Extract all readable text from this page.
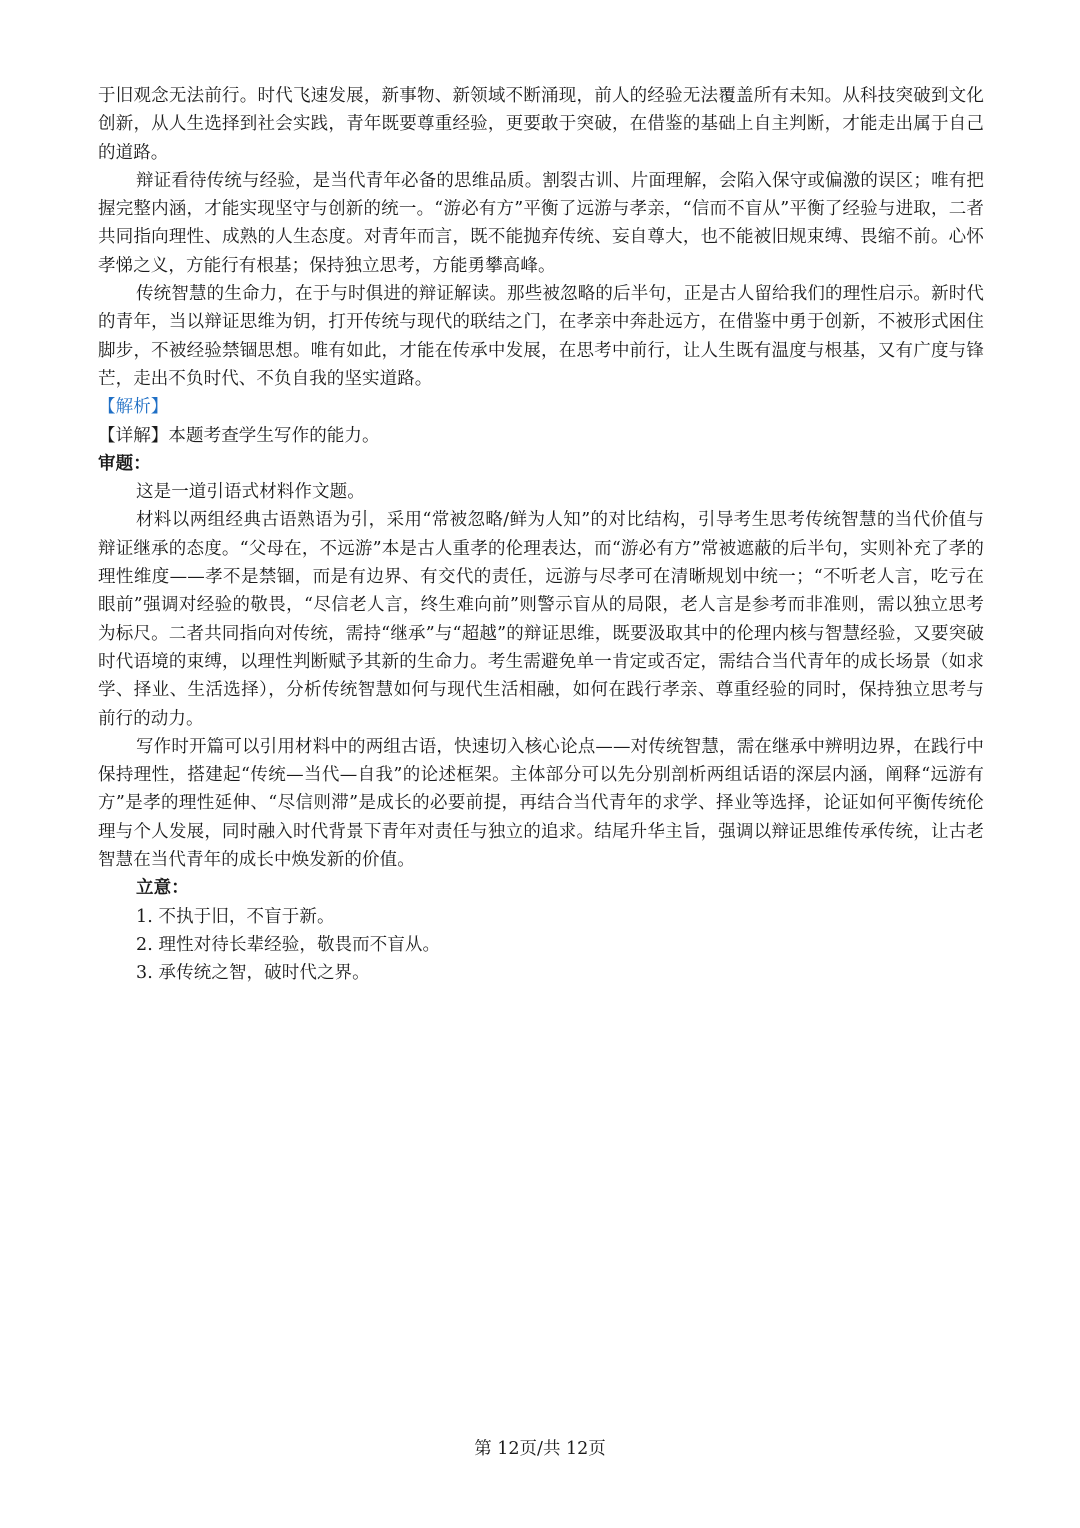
于旧观念无法前行。时代飞速发展，新事物、新领域不断涌现，前人的经验无法覆盖所有未知。从科技突破到文化创新，从人生选择到社会实践，青年既要尊重经验，更要敢于突破，在借鉴的基础上自主判断，才能走出属于自己的道路。

辩证看待传统与经验，是当代青年必备的思维品质。割裂古训、片面理解，会陷入保守或偏激的误区；唯有把握完整内涵，才能实现坚守与创新的统一。“游必有方”平衡了远游与孝亲，“信而不盲从”平衡了经验与进取，二者共同指向理性、成熟的人生态度。对青年而言，既不能抛弃传统、妄自尊大，也不能被旧规束缚、畏缩不前。心怀孝悌之义，方能行有根基；保持独立思考，方能勇攀高峰。

传统智慧的生命力，在于与时俱进的辩证解读。那些被忽略的后半句，正是古人留给我们的理性启示。新时代的青年，当以辩证思维为钥，打开传统与现代的联结之门，在孝亲中奔赴远方，在借鉴中勇于创新，不被形式困住脚步，不被经验禁锢思想。唯有如此，才能在传承中发展，在思考中前行，让人生既有温度与根基，又有广度与锋芒，走出不负时代、不负自我的坚实道路。

【解析】

【详解】本题考查学生写作的能力。

审题：

这是一道引语式材料作文题。

材料以两组经典古语熟语为引，采用“常被忽略/鲜为人知”的对比结构，引导考生思考传统智慧的当代价值与辩证继承的态度。“父母在，不远游”本是古人重孝的伦理表达，而“游必有方”常被遮蔽的后半句，实则补充了孝的理性维度——孝不是禁锢，而是有边界、有交代的责任，远游与尽孝可在清晰规划中统一；“不听老人言，吃亏在眼前”强调对经验的敬畏，“尽信老人言，终生难向前”则警示盲从的局限，老人言是参考而非准则，需以独立思考为标尺。二者共同指向对传统，需持“继承”与“超越”的辩证思维，既要汲取其中的伦理内核与智慧经验，又要突破时代语境的束缚，以理性判断赋予其新的生命力。考生需避免单一肯定或否定，需结合当代青年的成长场景（如求学、择业、生活选择），分析传统智慧如何与现代生活相融，如何在践行孝亲、尊重经验的同时，保持独立思考与前行的动力。

写作时开篇可以引用材料中的两组古语，快速切入核心论点——对传统智慧，需在继承中辨明边界，在践行中保持理性，搭建起“传统—当代—自我”的论述框架。主体部分可以先分别剖析两组话语的深层内涵，阐释“远游有方”是孝的理性延伸、“尽信则滞”是成长的必要前提，再结合当代青年的求学、择业等选择，论证如何平衡传统伦理与个人发展，同时融入时代背景下青年对责任与独立的追求。结尾升华主旨，强调以辩证思维传承传统，让古老智慧在当代青年的成长中焕发新的价值。

立意：

1. 不执于旧，不盲于新。

2. 理性对待长辈经验，敬畏而不盲从。

3. 承传统之智，破时代之界。

第 12页/共 12页
